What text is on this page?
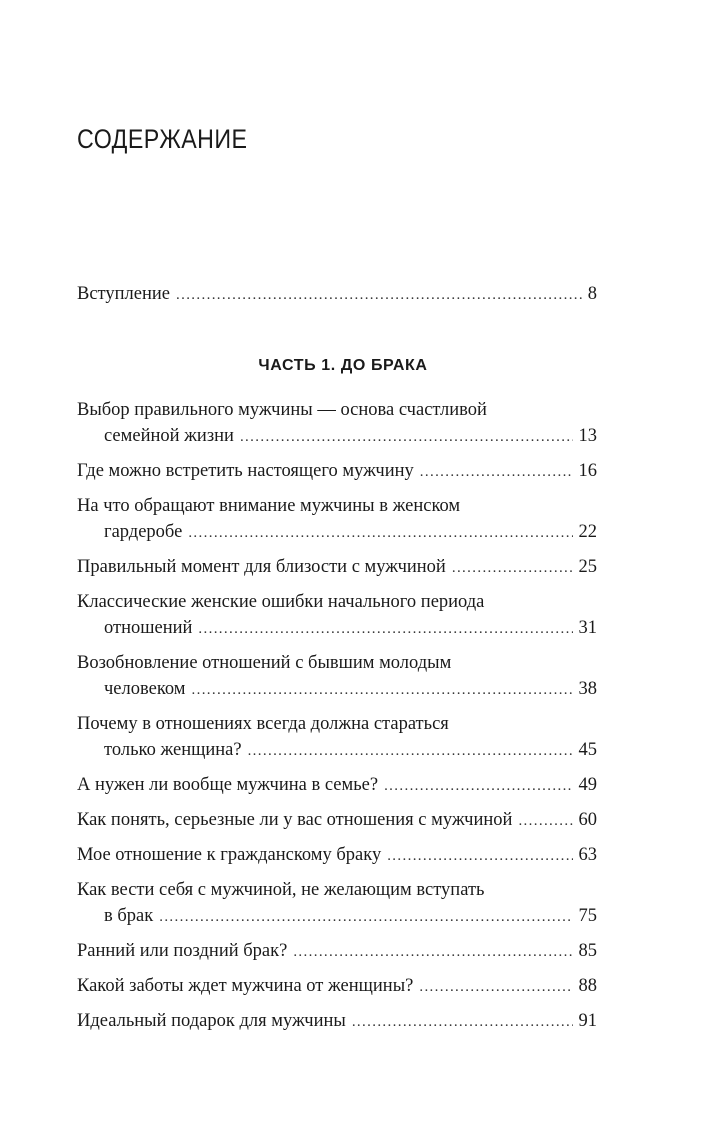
СОДЕРЖАНИЕ
Вступление . . .	8
ЧАСТЬ 1. ДО БРАКА
Выбор правильного мужчины — основа счастливой
семейной жизни . . .	13
Где можно встретить настоящего мужчину . . .	16
На что обращают внимание мужчины в женском
гардеробе . . .	22
Правильный момент для близости с мужчиной . . .	25
Классические женские ошибки начального периода
отношений . . .	31
Возобновление отношений с бывшим молодым
человеком . . .	38
Почему в отношениях всегда должна стараться
только женщина? . . .	45
А нужен ли вообще мужчина в семье? . . .	49
Как понять, серьезные ли у вас отношения с мужчиной . . .	60
Мое отношение к гражданскому браку . . .	63
Как вести себя с мужчиной, не желающим вступать
в брак . . .	75
Ранний или поздний брак? . . .	85
Какой заботы ждет мужчина от женщины? . . .	88
Идеальный подарок для мужчины . . .	91
